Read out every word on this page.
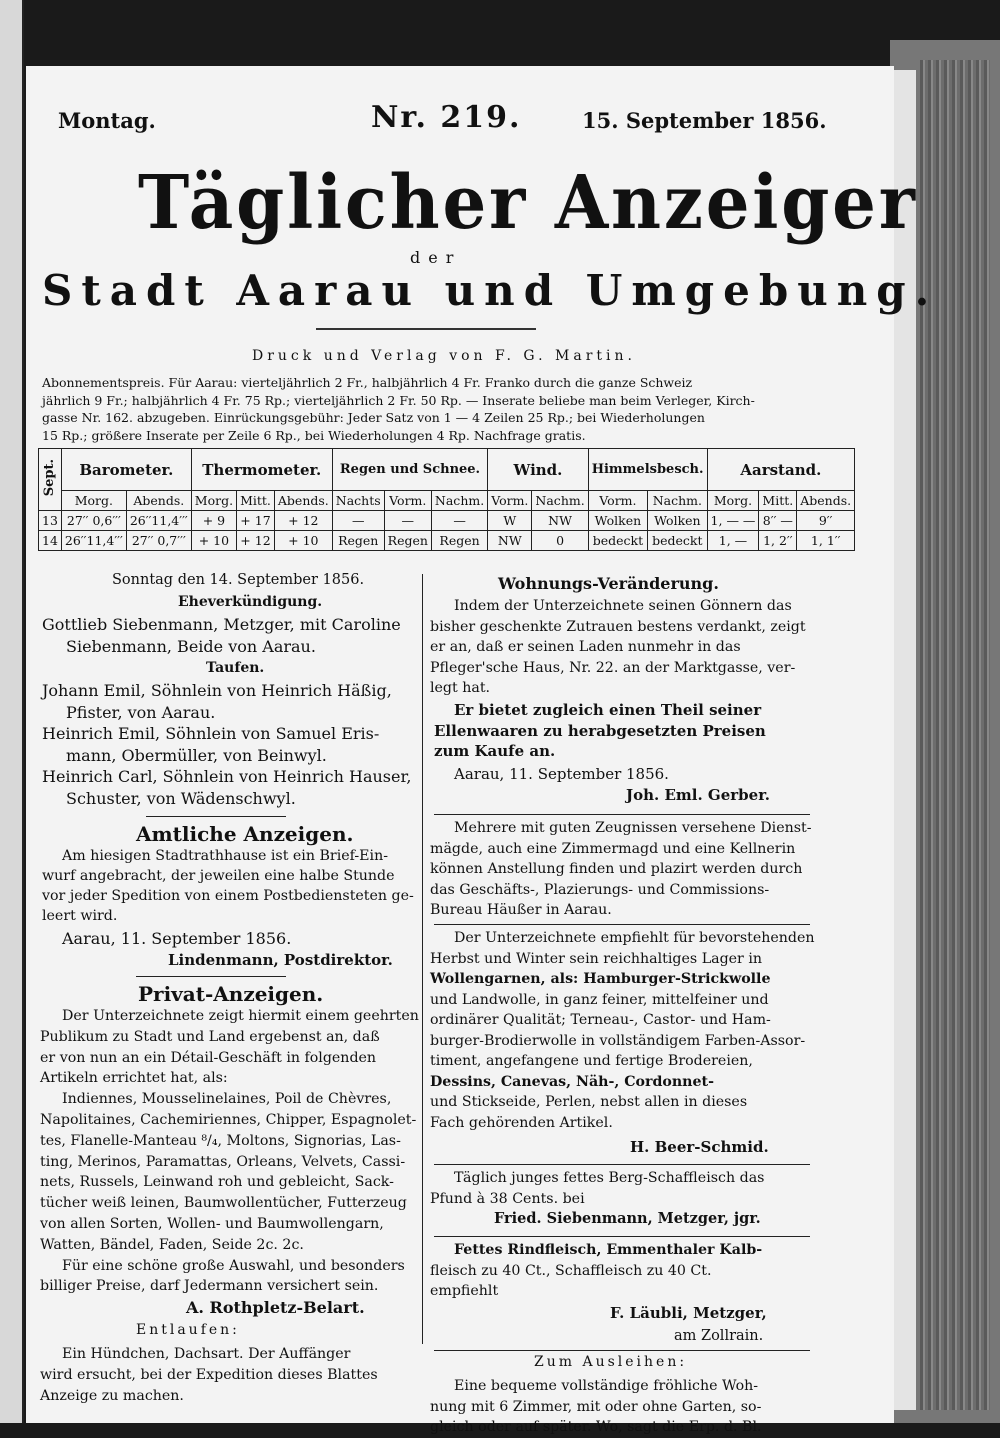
Montag.	Nr. 219.	15. September 1856.
Täglicher Anzeiger
der
Stadt Aarau und Umgebung.
Druck und Verlag von F. G. Martin.
Abonnementspreis. Für Aarau: vierteljährlich 2 Fr., halbjährlich 4 Fr. Franko durch die ganze Schweiz
jährlich 9 Fr.; halbjährlich 4 Fr. 75 Rp.; vierteljährlich 2 Fr. 50 Rp. — Inserate beliebe man beim Verleger, Kirch-
gasse Nr. 162. abzugeben. Einrückungsgebühr: Jeder Satz von 1 — 4 Zeilen 25 Rp.; bei Wiederholungen
15 Rp.; größere Inserate per Zeile 6 Rp., bei Wiederholungen 4 Rp. Nachfrage gratis.
Sept.	Barometer.		Thermometer.			Regen und Schnee.			Wind.		Himmelsbesch.		Aarstand.		
	Morg.	Abends.	Morg.	Mitt.	Abends.	Nachts	Vorm.	Nachm.	Vorm.	Nachm.	Vorm.	Nachm.	Morg.	Mitt.	Abends.
13	27′′ 0,6′′′	26′′11,4′′′	+ 9	+ 17	+ 12	—	—	—	W	NW	Wolken	Wolken	1, — —	8′′ —	9′′
14	26′′11,4′′′	27′′ 0,7′′′	+ 10	+ 12	+ 10	Regen	Regen	Regen	NW	0	bedeckt	bedeckt	1, —	1, 2′′	1, 1′′
Sonntag den 14. September 1856.
Eheverkündigung.
Gottlieb Siebenmann, Metzger, mit Caroline
Siebenmann, Beide von Aarau.
Taufen.
Johann Emil, Söhnlein von Heinrich Häßig,
Pfister, von Aarau.
Heinrich Emil, Söhnlein von Samuel Eris-
mann, Obermüller, von Beinwyl.
Heinrich Carl, Söhnlein von Heinrich Hauser,
Schuster, von Wädenschwyl.
Amtliche Anzeigen.
Am hiesigen Stadtrathhause ist ein Brief-Ein-
wurf angebracht, der jeweilen eine halbe Stunde
vor jeder Spedition von einem Postbediensteten ge-
leert wird.
Aarau, 11. September 1856.
Lindenmann, Postdirektor.
Privat-Anzeigen.
Der Unterzeichnete zeigt hiermit einem geehrten
Publikum zu Stadt und Land ergebenst an, daß
er von nun an ein Détail-Geschäft in folgenden
Artikeln errichtet hat, als:
Indiennes, Mousselinelaines, Poil de Chèvres,
Napolitaines, Cachemiriennes, Chipper, Espagnolet-
tes, Flanelle-Manteau ⁸/₄, Moltons, Signorias, Las-
ting, Merinos, Paramattas, Orleans, Velvets, Cassi-
nets, Russels, Leinwand roh und gebleicht, Sack-
tücher weiß leinen, Baumwollentücher, Futterzeug
von allen Sorten, Wollen- und Baumwollengarn,
Watten, Bändel, Faden, Seide 2c. 2c.
Für eine schöne große Auswahl, und besonders
billiger Preise, darf Jedermann versichert sein.
A. Rothpletz-Belart.
Entlaufen:
Ein Hündchen, Dachsart. Der Auffänger
wird ersucht, bei der Expedition dieses Blattes
Anzeige zu machen.
Wohnungs-Veränderung.
Indem der Unterzeichnete seinen Gönnern das
bisher geschenkte Zutrauen bestens verdankt, zeigt
er an, daß er seinen Laden nunmehr in das
Pfleger'sche Haus, Nr. 22. an der Marktgasse, ver-
legt hat.
Er bietet zugleich einen Theil seiner
Ellenwaaren zu herabgesetzten Preisen
zum Kaufe an.
Aarau, 11. September 1856.
Joh. Eml. Gerber.
Mehrere mit guten Zeugnissen versehene Dienst-
mägde, auch eine Zimmermagd und eine Kellnerin
können Anstellung finden und plazirt werden durch
das Geschäfts-, Plazierungs- und Commissions-
Bureau Häußer in Aarau.
Der Unterzeichnete empfiehlt für bevorstehenden
Herbst und Winter sein reichhaltiges Lager in
Wollengarnen, als: Hamburger-Strickwolle
und Landwolle, in ganz feiner, mittelfeiner und
ordinärer Qualität; Terneau-, Castor- und Ham-
burger-Brodierwolle in vollständigem Farben-Assor-
timent, angefangene und fertige Brodereien,
Dessins, Canevas, Näh-, Cordonnet-
und Stickseide, Perlen, nebst allen in dieses
Fach gehörenden Artikel.
H. Beer-Schmid.
Täglich junges fettes Berg-Schaffleisch das
Pfund à 38 Cents. bei
Fried. Siebenmann, Metzger, jgr.
Fettes Rindfleisch, Emmenthaler Kalb-
fleisch zu 40 Ct., Schaffleisch zu 40 Ct.
empfiehlt
F. Läubli, Metzger,
am Zollrain.
Zum Ausleihen:
Eine bequeme vollständige fröhliche Woh-
nung mit 6 Zimmer, mit oder ohne Garten, so-
gleich oder auf später. Wo, sagt die Erp. d. Bl.
